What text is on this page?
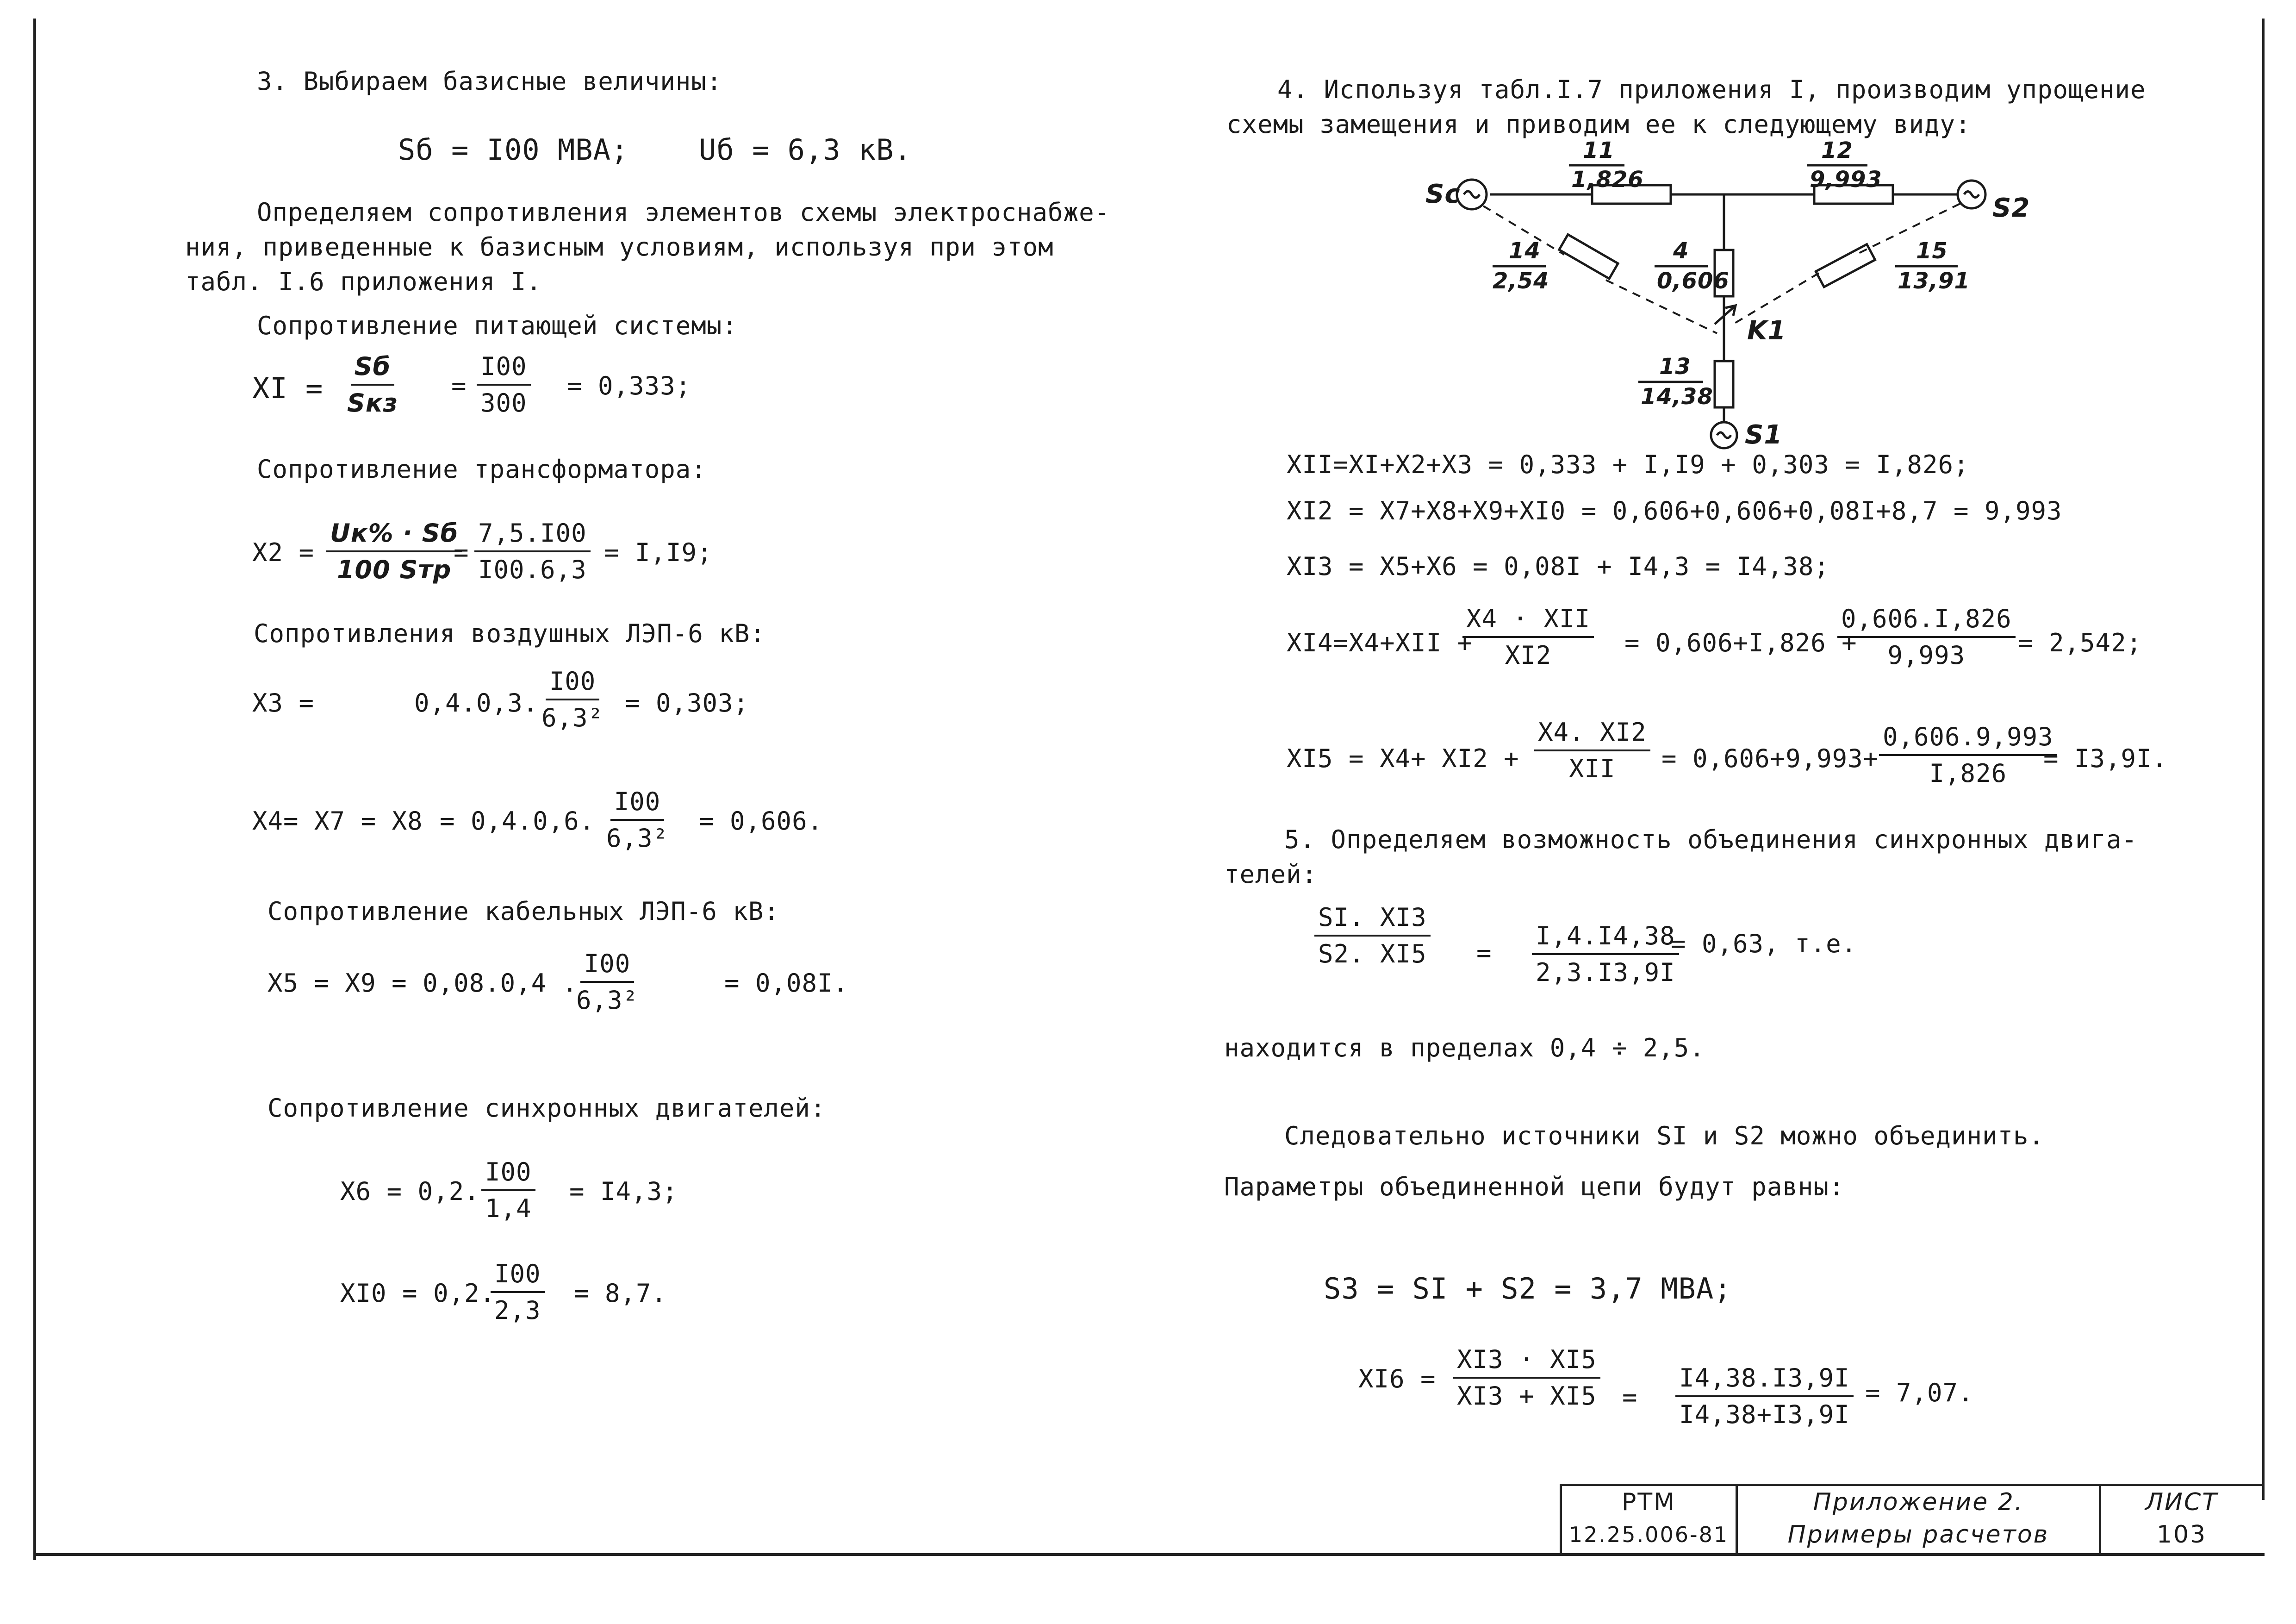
3. Выбираем базисные величины:
Sб = I00 МВА; Uб = 6,3 кВ.
Определяем сопротивления элементов схемы электроснабже-
ния, приведенные к базисным условиям, используя при этом
табл. I.6 приложения I.
Сопротивление питающей системы:
XI =
Sб
Sкз
= $\frac{I00}{300} = 0,333$;
Сопротивление трансформатора:
X2 =
Uк% · Sб
100 Sтр
= $\frac{7,5.I00}{I00.6,3} = I,I9$;
Сопротивления воздушных ЛЭП-6 кВ:
X3 =	0,4.0,3. $\frac{I00}{\text{6,3²}} = 0,303$;
X4= X7 = X8 = 0,4.0,6. $\frac{I00}{\text{6,3²}} = 0,606$.
Сопротивление кабельных ЛЭП-6 кВ:
X5 = X9 = 0,08.0,4 .
$\frac{I00}{\text{6,3²}}$	= 0,08I.
Сопротивление синхронных двигателей:
X6 = 0,2. $\frac{I00}{1,4} = I4,3$;
XI0 = 0,2.
$\frac{I00}{2,3} = 8,7$.
4. Используя табл.I.7 приложения I, производим упрощение
схемы замещения и приводим ее к следующему виду:
Sc	S2
S1
K1
11
1,826
12
9,993
14
2,54
4
0,606
15
13,91
13
14,38
XII=XI+X2+X3 = 0,333 + I,I9 + 0,303 = I,826;
XI2 = X7+X8+X9+XI0 = 0,606+0,606+0,08I+8,7 = 9,993
XI3 = X5+X6 = 0,08I + I4,3 = I4,38;
XI4=X4+XII +
X4 · XII
XI2	= 0,606+I,826 +
$\frac{0,606.I,826}{9,993} = 2,542$;
XI5 = X4+ XI2 +
X4. XI2
XII = $0,606+9,993+ \frac{0,606.9,993}{I,826}$
= I3,9I.
5. Определяем возможность объединения синхронных двига-
телей:
$\frac{SI. XI3}{S2. XI5} = \frac{I,4.I4,38}{2,3.I3,9I}$
= 0,63, т.е.
находится в пределах 0,4 ÷ 2,5.
Следовательно источники SI и S2 можно объединить.
Параметры объединенной цепи будут равны:
S3 = SI + S2 = 3,7 МВА;
$XI6 = \frac{XI3 \cdot XI5}{XI3 + XI5} = \frac{I4,38.I3,9I}{I4,38+I3,9I} = 7,07$.
РТМ
12.25.006-81
Приложение 2.
Примеры расчетов
ЛИСТ
103
